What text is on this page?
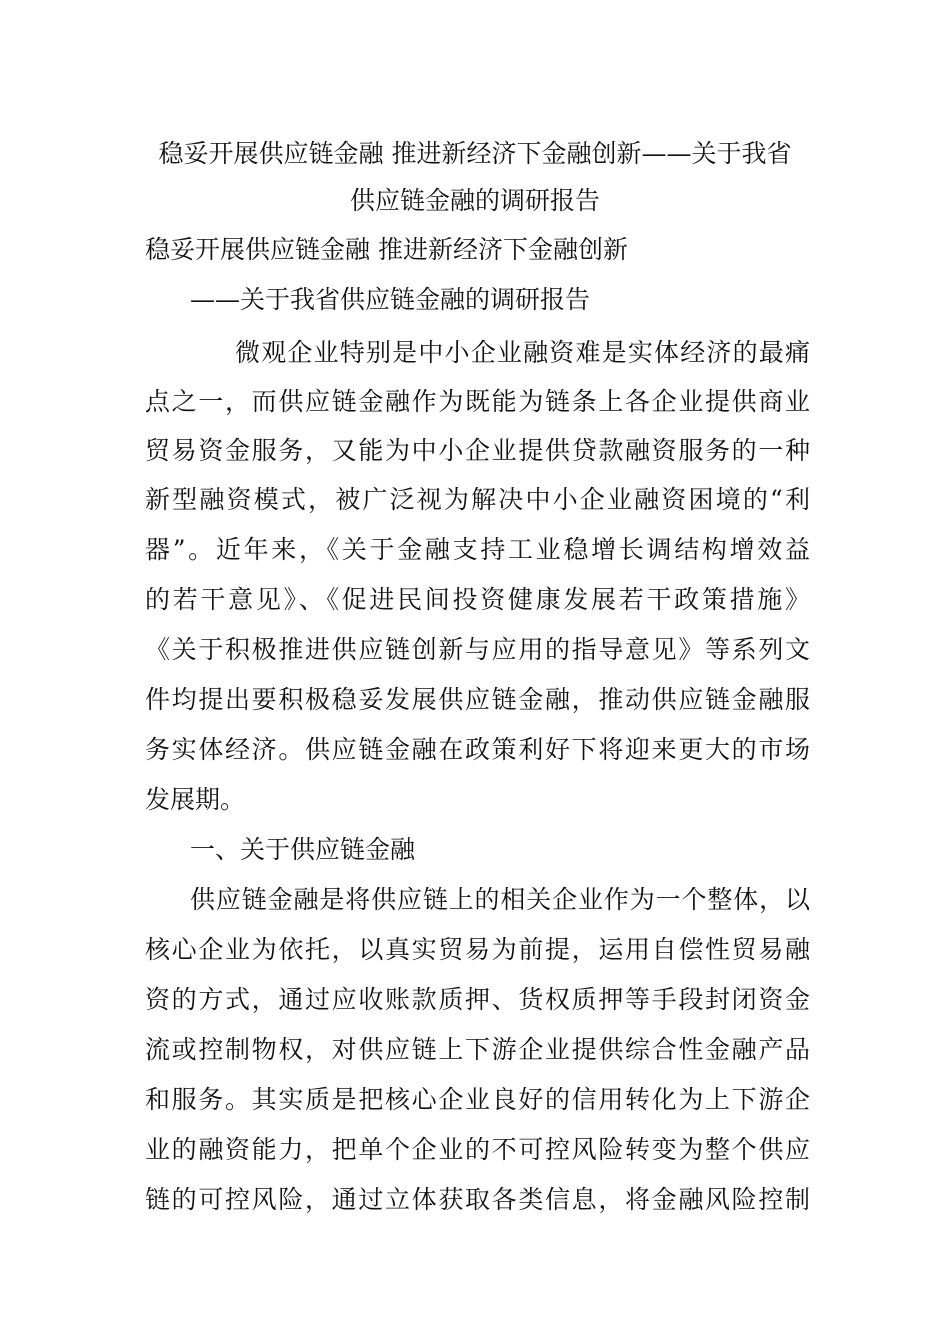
稳妥开展供应链金融 推进新经济下金融创新——关于我省
供应链金融的调研报告
稳妥开展供应链金融 推进新经济下金融创新
——关于我省供应链金融的调研报告
微观企业特别是中小企业融资难是实体经济的最痛
点之一，而供应链金融作为既能为链条上各企业提供商业
贸易资金服务，又能为中小企业提供贷款融资服务的一种
新型融资模式，被广泛视为解决中小企业融资困境的“利
器”。近年来，《关于金融支持工业稳增长调结构增效益
的若干意见》、《促进民间投资健康发展若干政策措施》
《关于积极推进供应链创新与应用的指导意见》等系列文
件均提出要积极稳妥发展供应链金融，推动供应链金融服
务实体经济。供应链金融在政策利好下将迎来更大的市场
发展期。
一、关于供应链金融
供应链金融是将供应链上的相关企业作为一个整体，以
核心企业为依托，以真实贸易为前提，运用自偿性贸易融
资的方式，通过应收账款质押、货权质押等手段封闭资金
流或控制物权，对供应链上下游企业提供综合性金融产品
和服务。其实质是把核心企业良好的信用转化为上下游企
业的融资能力，把单个企业的不可控风险转变为整个供应
链的可控风险，通过立体获取各类信息，将金融风险控制
